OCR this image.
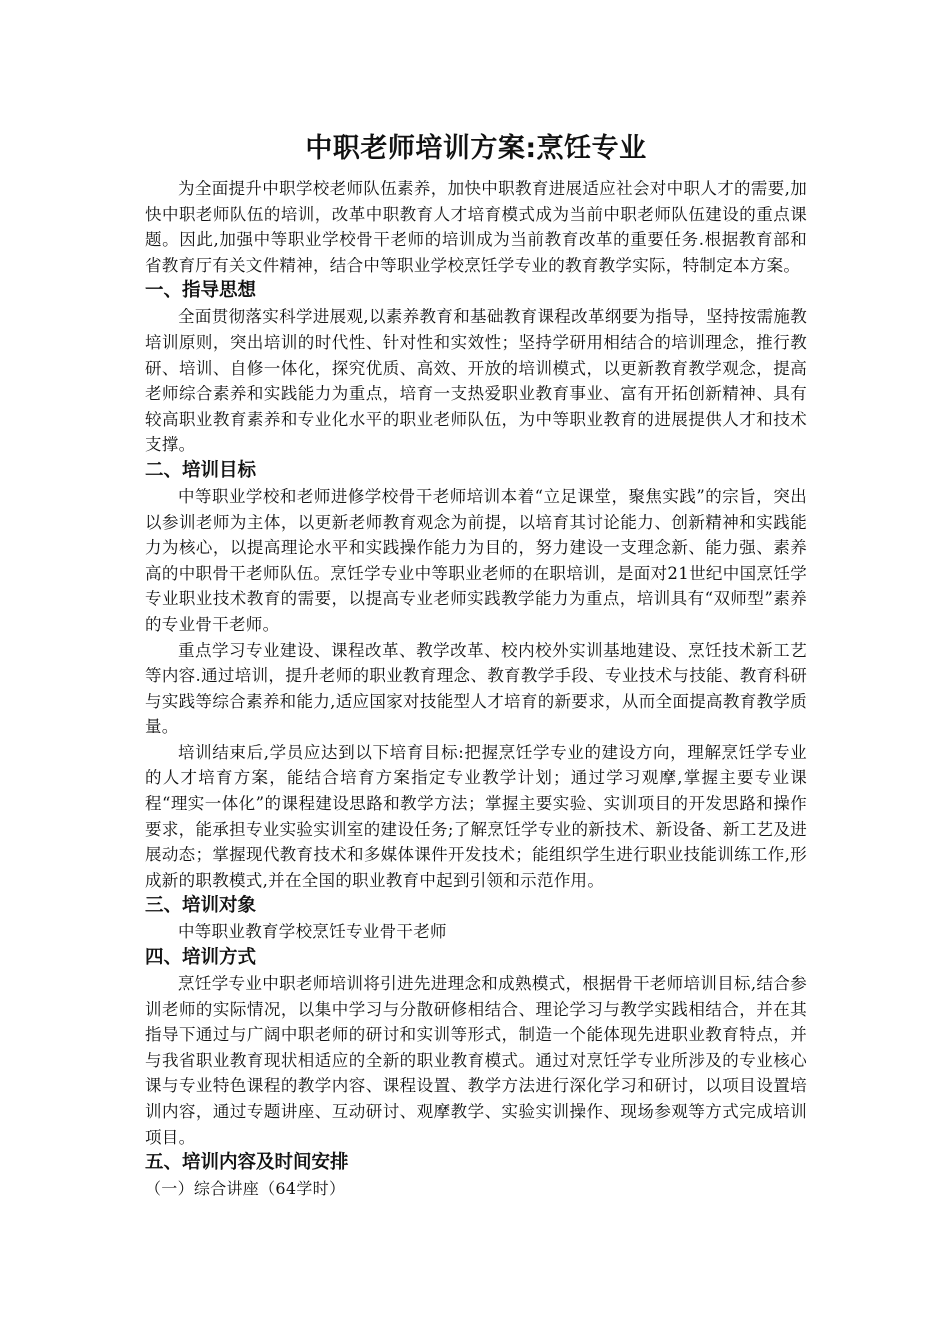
中职老师培训方案:烹饪专业

为全面提升中职学校老师队伍素养，加快中职教育进展适应社会对中职人才的需要,加快中职老师队伍的培训，改革中职教育人才培育模式成为当前中职老师队伍建设的重点课题。因此,加强中等职业学校骨干老师的培训成为当前教育改革的重要任务.根据教育部和省教育厅有关文件精神，结合中等职业学校烹饪学专业的教育教学实际，特制定本方案。

一、指导思想

全面贯彻落实科学进展观,以素养教育和基础教育课程改革纲要为指导，坚持按需施教培训原则，突出培训的时代性、针对性和实效性；坚持学研用相结合的培训理念，推行教研、培训、自修一体化，探究优质、高效、开放的培训模式，以更新教育教学观念，提高老师综合素养和实践能力为重点，培育一支热爱职业教育事业、富有开拓创新精神、具有较高职业教育素养和专业化水平的职业老师队伍，为中等职业教育的进展提供人才和技术支撑。

二、培训目标

中等职业学校和老师进修学校骨干老师培训本着“立足课堂，聚焦实践”的宗旨，突出以参训老师为主体，以更新老师教育观念为前提，以培育其讨论能力、创新精神和实践能力为核心，以提高理论水平和实践操作能力为目的，努力建设一支理念新、能力强、素养高的中职骨干老师队伍。烹饪学专业中等职业老师的在职培训，是面对21世纪中国烹饪学专业职业技术教育的需要，以提高专业老师实践教学能力为重点，培训具有“双师型”素养的专业骨干老师。

重点学习专业建设、课程改革、教学改革、校内校外实训基地建设、烹饪技术新工艺等内容.通过培训，提升老师的职业教育理念、教育教学手段、专业技术与技能、教育科研与实践等综合素养和能力,适应国家对技能型人才培育的新要求，从而全面提高教育教学质量。

培训结束后,学员应达到以下培育目标:把握烹饪学专业的建设方向，理解烹饪学专业的人才培育方案，能结合培育方案指定专业教学计划；通过学习观摩,掌握主要专业课程“理实一体化”的课程建设思路和教学方法；掌握主要实验、实训项目的开发思路和操作要求，能承担专业实验实训室的建设任务;了解烹饪学专业的新技术、新设备、新工艺及进展动态；掌握现代教育技术和多媒体课件开发技术；能组织学生进行职业技能训练工作,形成新的职教模式,并在全国的职业教育中起到引领和示范作用。

三、培训对象

中等职业教育学校烹饪专业骨干老师

四、培训方式

烹饪学专业中职老师培训将引进先进理念和成熟模式，根据骨干老师培训目标,结合参训老师的实际情况，以集中学习与分散研修相结合、理论学习与教学实践相结合，并在其指导下通过与广阔中职老师的研讨和实训等形式，制造一个能体现先进职业教育特点，并与我省职业教育现状相适应的全新的职业教育模式。通过对烹饪学专业所涉及的专业核心课与专业特色课程的教学内容、课程设置、教学方法进行深化学习和研讨，以项目设置培训内容，通过专题讲座、互动研讨、观摩教学、实验实训操作、现场参观等方式完成培训项目。

五、培训内容及时间安排

（一）综合讲座（64学时）
